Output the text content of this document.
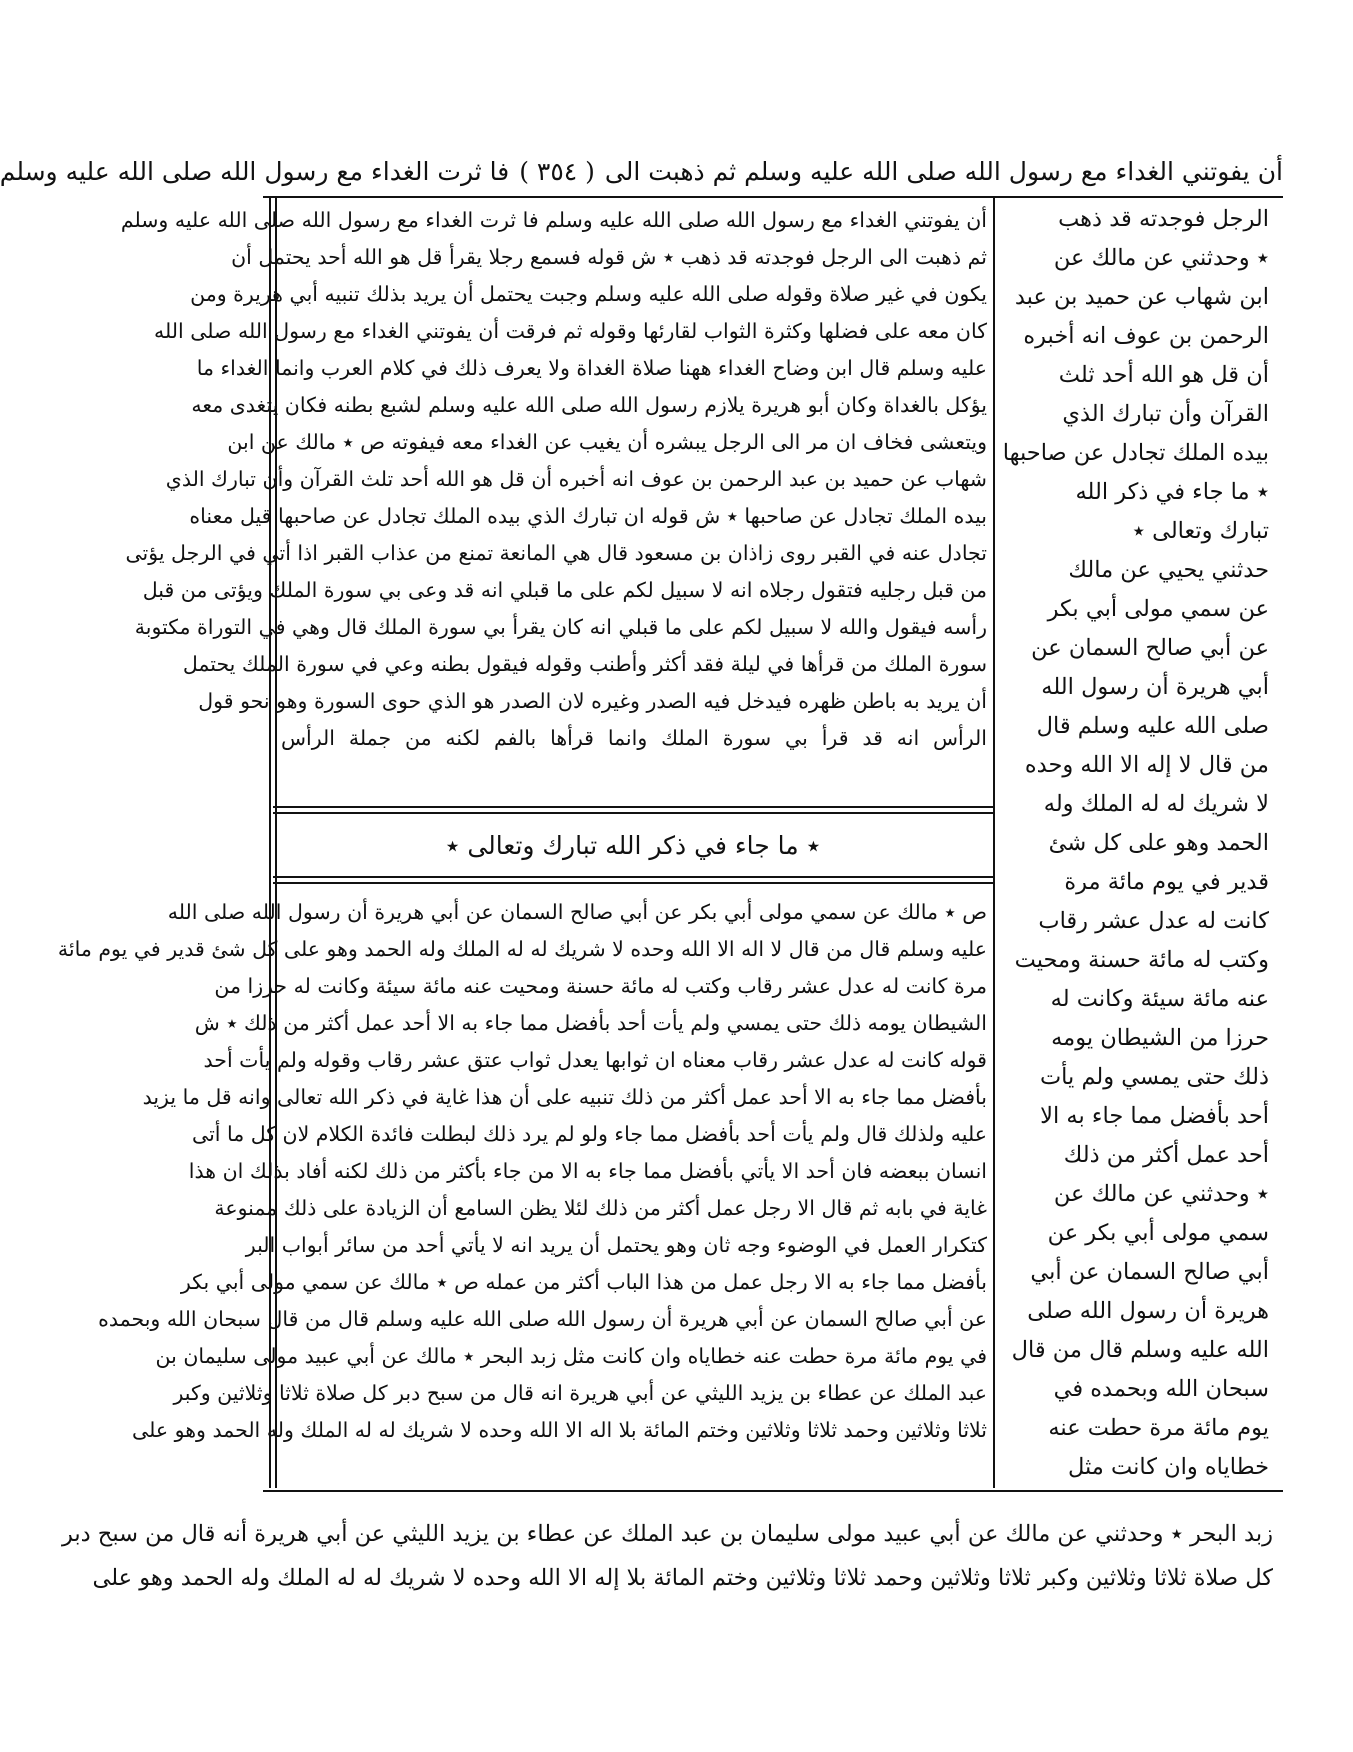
أن يفوتني الغداء مع رسول الله صلى الله عليه وسلم ثم ذهبت الى
( ٣٥٤ )
فا ثرت الغداء مع رسول الله صلى الله عليه وسلم
الرجل فوجدته قد ذهب
٭ وحدثني عن مالك عن
ابن شهاب عن حميد بن عبد
الرحمن بن عوف انه أخبره
أن قل هو الله أحد ثلث
القرآن وأن تبارك الذي
بيده الملك تجادل عن صاحبها
٭ ما جاء في ذكر الله
تبارك وتعالى ٭
حدثني يحيي عن مالك
عن سمي مولى أبي بكر
عن أبي صالح السمان عن
أبي هريرة أن رسول الله
صلى الله عليه وسلم قال
من قال لا إله الا الله وحده
لا شريك له له الملك وله
الحمد وهو على كل شئ
قدير في يوم مائة مرة
كانت له عدل عشر رقاب
وكتب له مائة حسنة ومحيت
عنه مائة سيئة وكانت له
حرزا من الشيطان يومه
ذلك حتى يمسي ولم يأت
أحد بأفضل مما جاء به الا
أحد عمل أكثر من ذلك
٭ وحدثني عن مالك عن
سمي مولى أبي بكر عن
أبي صالح السمان عن أبي
هريرة أن رسول الله صلى
الله عليه وسلم قال من قال
سبحان الله وبحمده في
يوم مائة مرة حطت عنه
خطاياه وان كانت مثل
أن يفوتني الغداء مع رسول الله صلى الله عليه وسلم فا ثرت الغداء مع رسول الله صلى الله عليه وسلم
ثم ذهبت الى الرجل فوجدته قد ذهب ٭ ش قوله فسمع رجلا يقرأ قل هو الله أحد يحتمل أن
يكون في غير صلاة وقوله صلى الله عليه وسلم وجبت يحتمل أن يريد بذلك تنبيه أبي هريرة ومن
كان معه على فضلها وكثرة الثواب لقارئها وقوله ثم فرقت أن يفوتني الغداء مع رسول الله صلى الله
عليه وسلم قال ابن وضاح الغداء ههنا صلاة الغداة ولا يعرف ذلك في كلام العرب وانما الغداء ما
يؤكل بالغداة وكان أبو هريرة يلازم رسول الله صلى الله عليه وسلم لشبع بطنه فكان يتغدى معه
ويتعشى فخاف ان مر الى الرجل يبشره أن يغيب عن الغداء معه فيفوته ص ٭ مالك عن ابن
شهاب عن حميد بن عبد الرحمن بن عوف انه أخبره أن قل هو الله أحد تلث القرآن وأن تبارك الذي
بيده الملك تجادل عن صاحبها ٭ ش قوله ان تبارك الذي بيده الملك تجادل عن صاحبها قيل معناه
تجادل عنه في القبر روى زاذان بن مسعود قال هي المانعة تمنع من عذاب القبر اذا أتي في الرجل يؤتى
من قبل رجليه فتقول رجلاه انه لا سبيل لكم على ما قبلي انه قد وعى بي سورة الملك ويؤتى من قبل
رأسه فيقول والله لا سبيل لكم على ما قبلي انه كان يقرأ بي سورة الملك قال وهي في التوراة مكتوبة
سورة الملك من قرأها في ليلة فقد أكثر وأطنب وقوله فيقول بطنه وعي في سورة الملك يحتمل
أن يريد به باطن ظهره فيدخل فيه الصدر وغيره لان الصدر هو الذي حوى السورة وهو نحو قول
الرأس انه قد قرأ بي سورة الملك وانما قرأها بالفم لكنه من جملة الرأس
٭ ما جاء في ذكر الله تبارك وتعالى ٭
ص ٭ مالك عن سمي مولى أبي بكر عن أبي صالح السمان عن أبي هريرة أن رسول الله صلى الله
عليه وسلم قال من قال لا اله الا الله وحده لا شريك له له الملك وله الحمد وهو على كل شئ قدير في يوم مائة
مرة كانت له عدل عشر رقاب وكتب له مائة حسنة ومحيت عنه مائة سيئة وكانت له حرزا من
الشيطان يومه ذلك حتى يمسي ولم يأت أحد بأفضل مما جاء به الا أحد عمل أكثر من ذلك ٭ ش
قوله كانت له عدل عشر رقاب معناه ان ثوابها يعدل ثواب عتق عشر رقاب وقوله ولم يأت أحد
بأفضل مما جاء به الا أحد عمل أكثر من ذلك تنبيه على أن هذا غاية في ذكر الله تعالى وانه قل ما يزيد
عليه ولذلك قال ولم يأت أحد بأفضل مما جاء ولو لم يرد ذلك لبطلت فائدة الكلام لان كل ما أتى
انسان ببعضه فان أحد الا يأتي بأفضل مما جاء به الا من جاء بأكثر من ذلك لكنه أفاد بذلك ان هذا
غاية في بابه ثم قال الا رجل عمل أكثر من ذلك لئلا يظن السامع أن الزيادة على ذلك ممنوعة
كتكرار العمل في الوضوء وجه ثان وهو يحتمل أن يريد انه لا يأتي أحد من سائر أبواب البر
بأفضل مما جاء به الا رجل عمل من هذا الباب أكثر من عمله ص ٭ مالك عن سمي مولى أبي بكر
عن أبي صالح السمان عن أبي هريرة أن رسول الله صلى الله عليه وسلم قال من قال سبحان الله وبحمده
في يوم مائة مرة حطت عنه خطاياه وان كانت مثل زبد البحر ٭ مالك عن أبي عبيد مولى سليمان بن
عبد الملك عن عطاء بن يزيد الليثي عن أبي هريرة انه قال من سبح دبر كل صلاة ثلاثا وثلاثين وكبر
ثلاثا وثلاثين وحمد ثلاثا وثلاثين وختم المائة بلا اله الا الله وحده لا شريك له له الملك وله الحمد وهو على
زبد البحر ٭ وحدثني عن مالك عن أبي عبيد مولى سليمان بن عبد الملك عن عطاء بن يزيد الليثي عن أبي هريرة أنه قال من سبح دبر
كل صلاة ثلاثا وثلاثين وكبر ثلاثا وثلاثين وحمد ثلاثا وثلاثين وختم المائة بلا إله الا الله وحده لا شريك له له الملك وله الحمد وهو على
